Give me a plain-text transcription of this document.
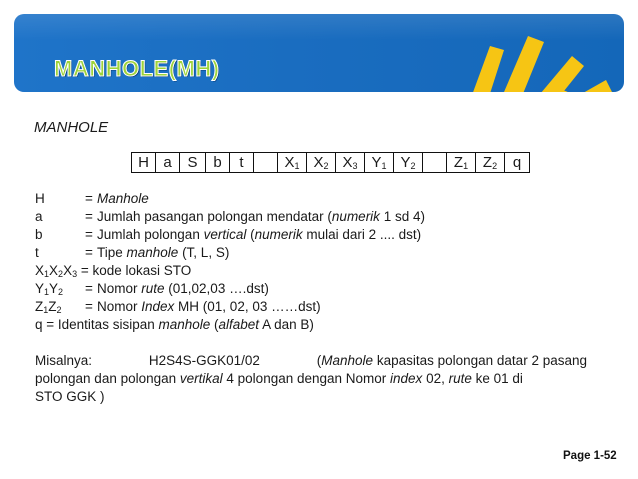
MANHOLE(MH)
MANHOLE
H a	S	b	t	$X_1$ $X_2$ $X_3$ $Y_1$ $Y_2$	$Z_1$ $Z_2$	q
H	= Manhole
a	= Jumlah pasangan polongan mendatar (numerik 1 sd 4)
b	= Jumlah polongan vertical (numerik mulai dari 2 .... dst)
t	= Tipe manhole (T, L, S)
$X_1X_2X_3$ = kode lokasi STO
$Y_1Y_2$	= Nomor rute (01,02,03 ….dst)
$Z_1Z_2$	= Nomor Index MH (01, 02, 03 ……dst)
q = Identitas sisipan manhole (alfabet A dan B)

Misalnya:	H2S4S-GGK01/02	(Manhole kapasitas polongan datar 2 pasang

polongan dan polongan vertikal 4 polongan dengan Nomor index 02, rute ke 01 di

STO GGK )

Page 1-52
